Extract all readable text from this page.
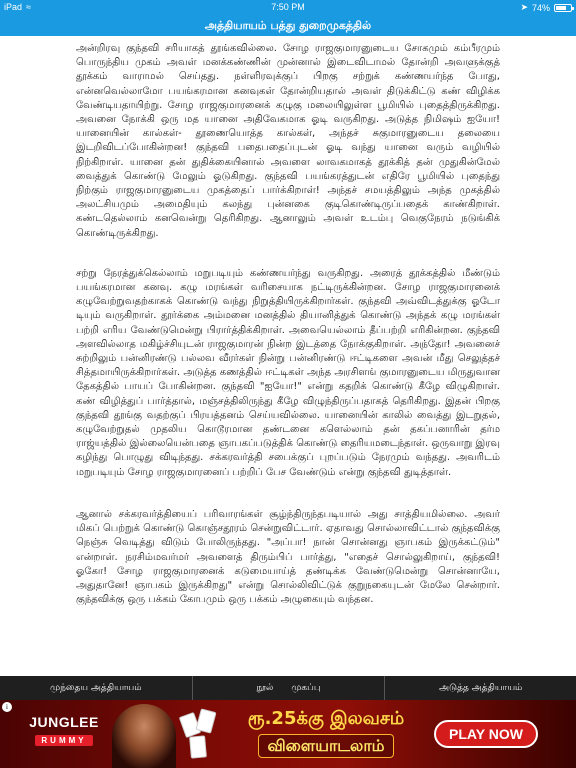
iPad ≈	7:50 PM	➤ 74%
அத்தியாயம் பத்து துறைமுகத்தில்

அன்றிரவு குந்தவி சரியாகத் தூங்கவில்லை. சோழ ராஜகுமாரனுடைய சோகமும் கம்பீரமும் பொருந்திய முகம் அவள் மனக்கண்ணின் முன்னால் இடைவிடாமல் தோன்றி அவளுக்குத் தூக்கம் வாராமல் செய்தது. நள்ளிரவுக்குப் பிறகு சற்றுக் கண்ணயர்ந்த போது, என்னவெல்லாமோ பயங்கரமான கனவுகள் தோன்றியதால் அவள் திடுக்கிட்டு கண் விழிக்க வேண்டியதாயிற்று. சோழ ராஜகுமாரனைக் கழுகு மலையிலுள்ள பூமியில் புதைத்திருக்கிறது. அவனை நோக்கி ஒரு மத யானை அதிவேகமாக ஓடி வருகிறது. அடுத்த நிமிஷம் ஐயோ! யானையின் கால்கள்- தூணையொத்த கால்கள், அந்தச் சுகுமாரனுடைய தலையை இடறிவிடப்போகின்றன! குந்தவி பதைபதைப்புடன் ஓடி வந்து யானை வரும் வழியில் நிற்கிறாள். யானை தன் துதிக்கையினால் அவளை லாவகமாகத் தூக்கித் தன் முதுகின்மேல் வைத்துக் கொண்டு மேலும் ஓடுகிறது. குந்தவி பயங்கரத்துடன் எதிரே பூமியில் புதைந்து நிற்கும் ராஜகுமாரனுடைய முகத்தைப் பார்க்கிறாள்! அந்தச் சமயத்திலும் அந்த முகத்தில் அலட்சியமும் அமைதியும் கலந்து புன்னகை குடிகொண்டிருப்பதைக் காண்கிறாள். கண்டதெல்லாம் கனவென்று தெரிகிறது. ஆனாலும் அவள் உடம்பு வெகுநேரம் நடுங்கிக் கொண்டிருக்கிறது.

சற்று நேரத்துக்கெல்லாம் மறுபடியும் கண்ணயர்ந்து வருகிறது. அரைத் தூக்கத்தில் மீண்டும் பயங்கரமான கனவு. கழு மரங்கள் வரிசையாக நட்டிருக்கின்றன. சோழ ராஜகுமாரனைக் கழுவேற்றுவதற்காகக் கொண்டு வந்து நிறுத்தியிருக்கிறார்கள். குந்தவி அவ்விடத்துக்கு ஓடோ டியும் வருகிறாள். தூர்க்கை அம்மனை மனத்தில் தியானித்துக் கொண்டு அந்தக் கழு மரங்கள் பற்றி எரிய வேண்டுமென்று பிரார்த்திக்கிறாள். அவையெல்லாம் தீப்பற்றி எரிகின்றன. குந்தவி அளவில்லாத மகிழ்ச்சியுடன் ராஜகுமாரன் நின்ற இடத்தை நோக்குகிறாள். அந்தோ! அவனைச் சுற்றிலும் பன்னிரண்டு பல்லவ வீரர்கள் நின்று பன்னிரண்டு ஈட்டிகளை அவன் மீது செலுத்தச் சித்தமாயிருக்கிறார்கள். அடுத்த கணத்தில் ஈட்டிகள் அந்த அரசிளங் குமாரனுடைய மிருதுவான தேகத்தில் பாயப் போகின்றன. குந்தவி "ஐயோ!" என்று கதறிக் கொண்டு கீழே விழுகிறாள். கண் விழித்துப் பார்த்தால், மஞ்சத்திலிருந்து கீழே விழுந்திருப்பதாகத் தெரிகிறது. இதன் பிறகு குந்தவி தூங்கு வதற்குப் பிரயத்தனம் செய்யவில்லை. யானையின் காலில் வைத்து இடறுதல், கழுவேற்றுதல் முதலிய கொடூரமான தண்டனை களெல்லாம் தன் தகப்பனாரின் தர்ம ராஜ்யத்தில் இல்லையென்பதை ஞாபகப்படுத்திக் கொண்டு தைரியமடைந்தாள். ஒருவாறு இரவு கழிந்து பொழுது விடிந்தது. சக்கரவர்த்தி சபைக்குப் புறப்படும் நேரமும் வந்தது. அவரிடம் மறுபடியும் சோழ ராஜகுமாரனைப் பற்றிப் பேச வேண்டும் என்று குந்தவி துடித்தாள்.

ஆனால் சக்கரவர்த்தியைப் பரிவாரங்கள் சூழ்ந்திருந்தபடியால் அது சாத்தியமில்லை. அவர் மிகப் பெற்றுக் கொண்டு கொஞ்சதூரம் சென்றுவிட்டார். ஏதாவது சொல்லாவிட்டால் குந்தவிக்கு நெஞ்சு வெடித்து விடும் போலிருந்தது. "அப்பா! நான் சொன்னது ஞாபகம் இருக்கட்டும்" என்றாள். நரசிம்மவர்மர் அவளைத் திரும்பிப் பார்த்து, "எதைச் சொல்லுகிறாய், குந்தவி! ஓகோ! சோழ ராஜகுமாரனைக் கடுமையாய்த் தண்டிக்க வேண்டுமென்று சொன்னாயே, அதுதானே! ஞாபகம் இருக்கிறது" என்று சொல்லிவிட்டுக் குறுநகையுடன் மேலே சென்றார். குந்தவிக்கு ஒரு பக்கம் கோபமும் ஒரு பக்கம் அழுகையும் வந்தன.

முந்தைய அத்தியாயம்	நூல் முகப்பு	அடுத்த அத்தியாயம்
i
JUNGLEE
RUMMY
ரூ.25க்கு இலவசம்
விளையாடலாம்
PLAY NOW
